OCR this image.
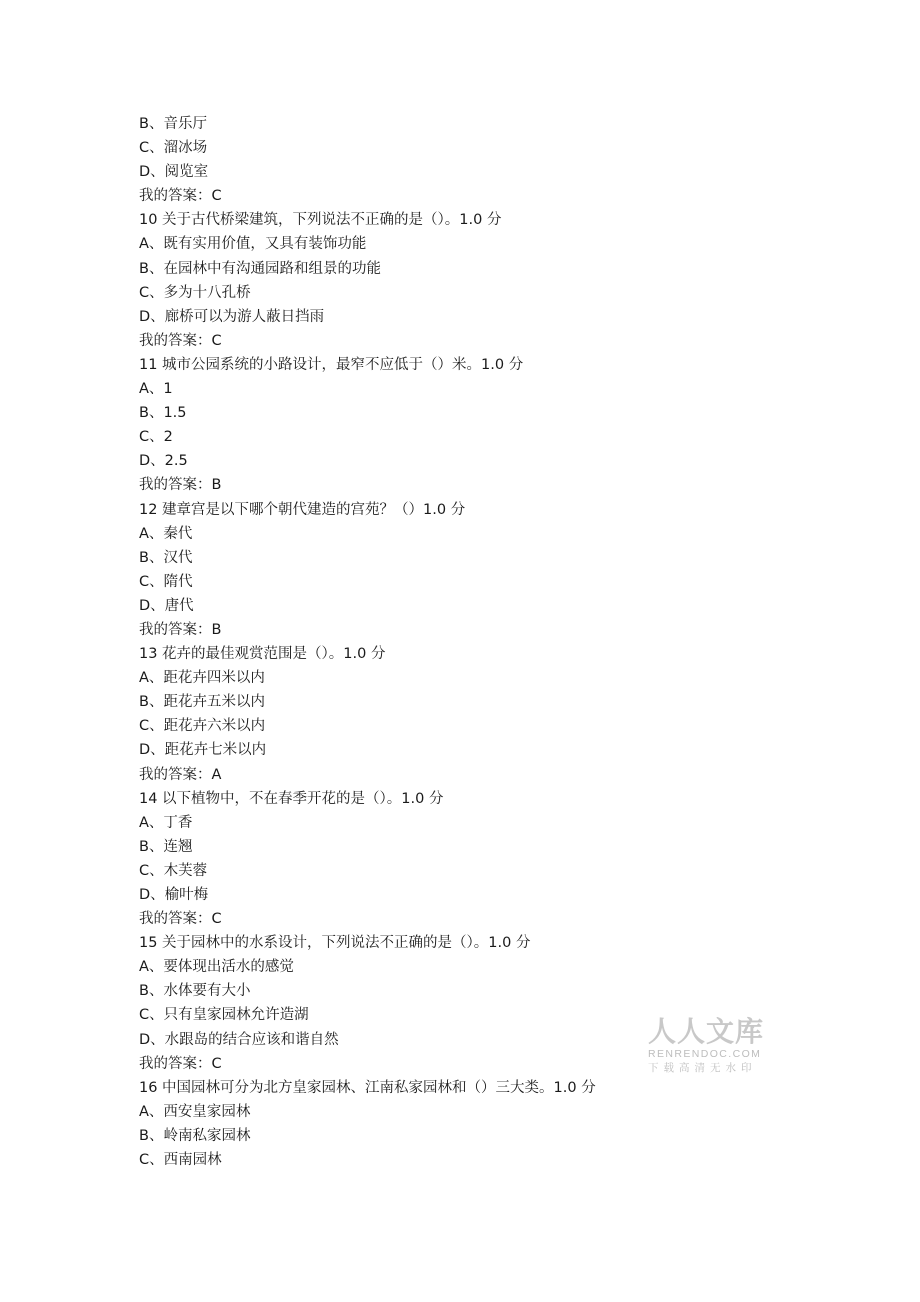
B、音乐厅
C、溜冰场
D、阅览室
我的答案：C
10 关于古代桥梁建筑，下列说法不正确的是（）。1.0 分
A、既有实用价值，又具有装饰功能
B、在园林中有沟通园路和组景的功能
C、多为十八孔桥
D、廊桥可以为游人蔽日挡雨
我的答案：C
11 城市公园系统的小路设计，最窄不应低于（）米。1.0 分
A、1
B、1.5
C、2
D、2.5
我的答案：B
12 建章宫是以下哪个朝代建造的宫苑？（）1.0 分
A、秦代
B、汉代
C、隋代
D、唐代
我的答案：B
13 花卉的最佳观赏范围是（）。1.0 分
A、距花卉四米以内
B、距花卉五米以内
C、距花卉六米以内
D、距花卉七米以内
我的答案：A
14 以下植物中，不在春季开花的是（）。1.0 分
A、丁香
B、连翘
C、木芙蓉
D、榆叶梅
我的答案：C
15 关于园林中的水系设计，下列说法不正确的是（）。1.0 分
A、要体现出活水的感觉
B、水体要有大小
C、只有皇家园林允许造湖
D、水跟岛的结合应该和谐自然
我的答案：C
16 中国园林可分为北方皇家园林、江南私家园林和（）三大类。1.0 分
A、西安皇家园林
B、岭南私家园林
C、西南园林
人人文库
RENRENDOC.COM
下载高清无水印
